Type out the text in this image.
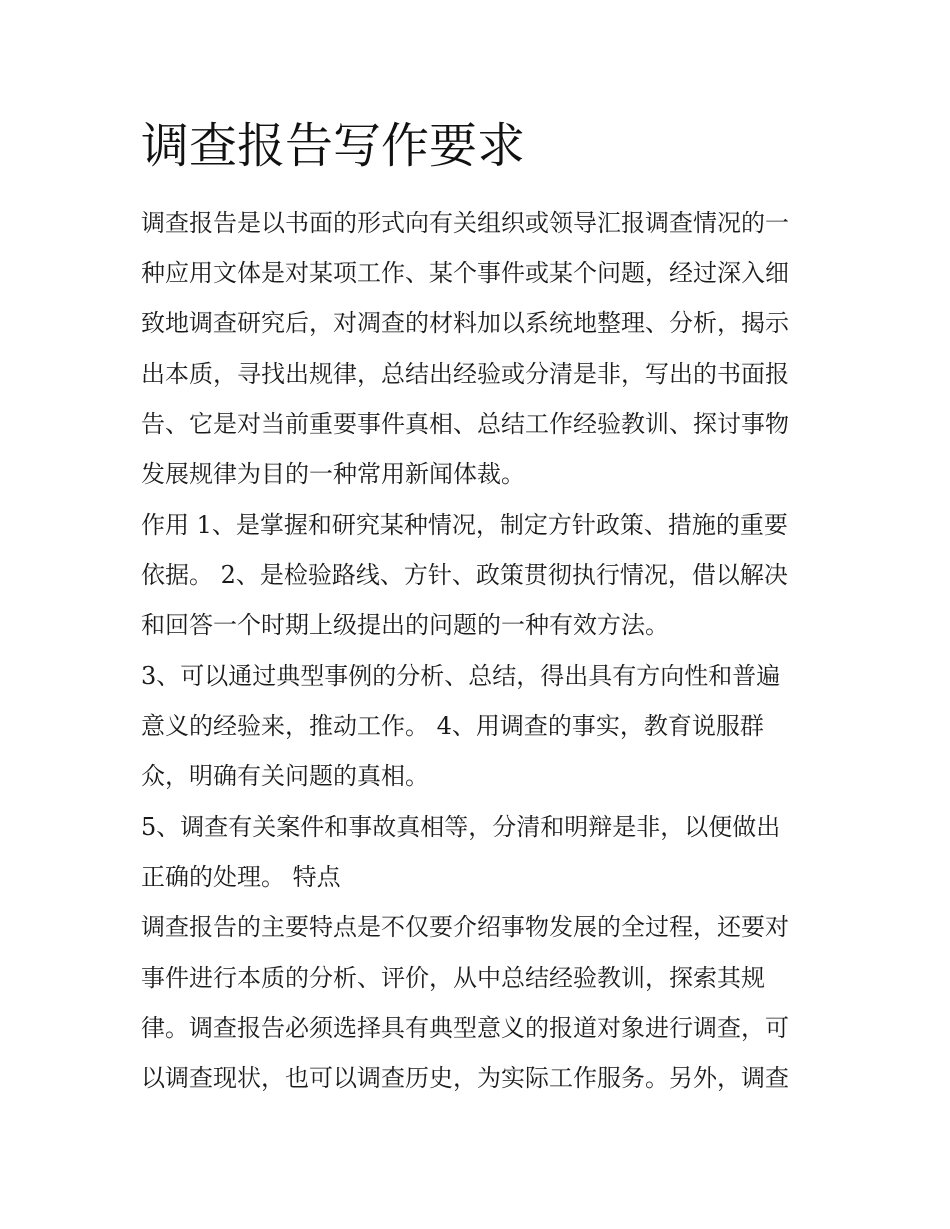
调查报告写作要求

调查报告是以书面的形式向有关组织或领导汇报调查情况的一

种应用文体是对某项工作、某个事件或某个问题，经过深入细

致地调查研究后，对凋查的材料加以系统地整理、分析，揭示

出本质，寻找出规律，总结出经验或分清是非，写出的书面报

告、它是对当前重要事件真相、总结工作经验教训、探讨事物

发展规律为目的一种常用新闻体裁。

作用 1、是掌握和研究某种情况，制定方针政策、措施的重要

依据。 2、是检验路线、方针、政策贯彻执行情况，借以解决

和回答一个时期上级提出的问题的一种有效方法。

3、可以通过典型事例的分析、总结，得出具有方向性和普遍

意义的经验来，推动工作。 4、用调查的事实，教育说服群

众，明确有关问题的真相。

5、调查有关案件和事故真相等，分清和明辩是非，以便做出

正确的处理。 特点

调查报告的主要特点是不仅要介绍事物发展的全过程，还要对

事件进行本质的分析、评价，从中总结经验教训，探索其规

律。调查报告必须选择具有典型意义的报道对象进行调查，可

以调查现状，也可以调查历史，为实际工作服务。另外，调查
